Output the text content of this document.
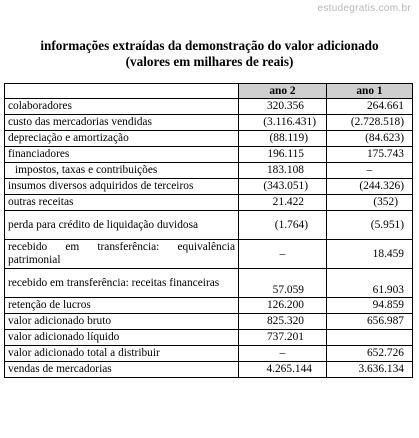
estudegratis.com.br
informações extraídas da demonstração do valor adicionado
(valores em milhares de reais)
	ano 2	ano 1
colaboradores	320.356	264.661
custo das mercadorias vendidas	(3.116.431)	(2.728.518)
depreciação e amortização	(88.119)	(84.623)
financiadores	196.115	175.743
impostos, taxas e contribuições	183.108	–
insumos diversos adquiridos de terceiros	(343.051)	(244.326)
outras receitas	21.422	(352)
perda para crédito de liquidação duvidosa	(1.764)	(5.951)
recebido em transferência: equivalência patrimonial	–	18.459
recebido em transferência: receitas financeiras	57.059	61.903
retenção de lucros	126.200	94.859
valor adicionado bruto	825.320	656.987
valor adicionado líquido	737.201	
valor adicionado total a distribuir	–	652.726
vendas de mercadorias	4.265.144	3.636.134
